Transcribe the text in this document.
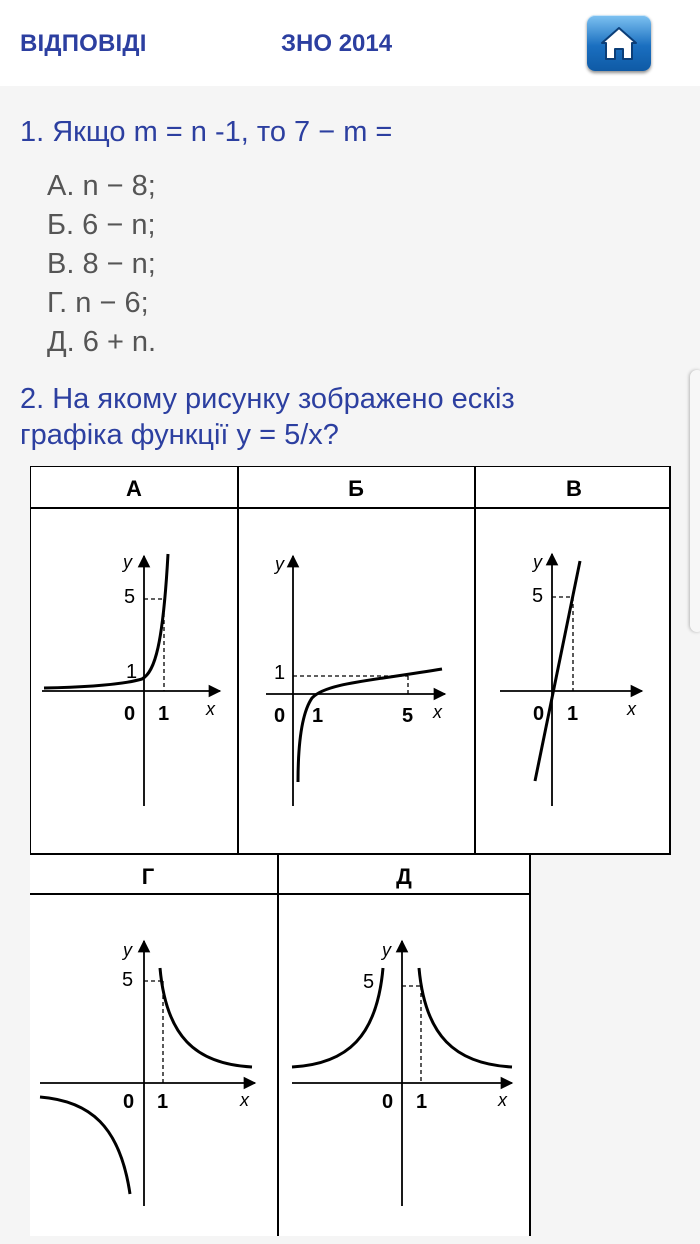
ВІДПОВІДІ	ЗНО 2014
1. Якщо m = n -1, то 7 − m =
А. n − 8;
Б. 6 − n;
В. 8 − n;
Г. n − 6;
Д. 6 + n.
2. На якому рисунку зображено ескіз
графіка функції y = 5/x?
А	Б	В
Г	Д
y
5
1
0 1 x
y
1
0 1	5 x
y
5
0 1	x
y
5
0 1	x
y
5
0 1	x
